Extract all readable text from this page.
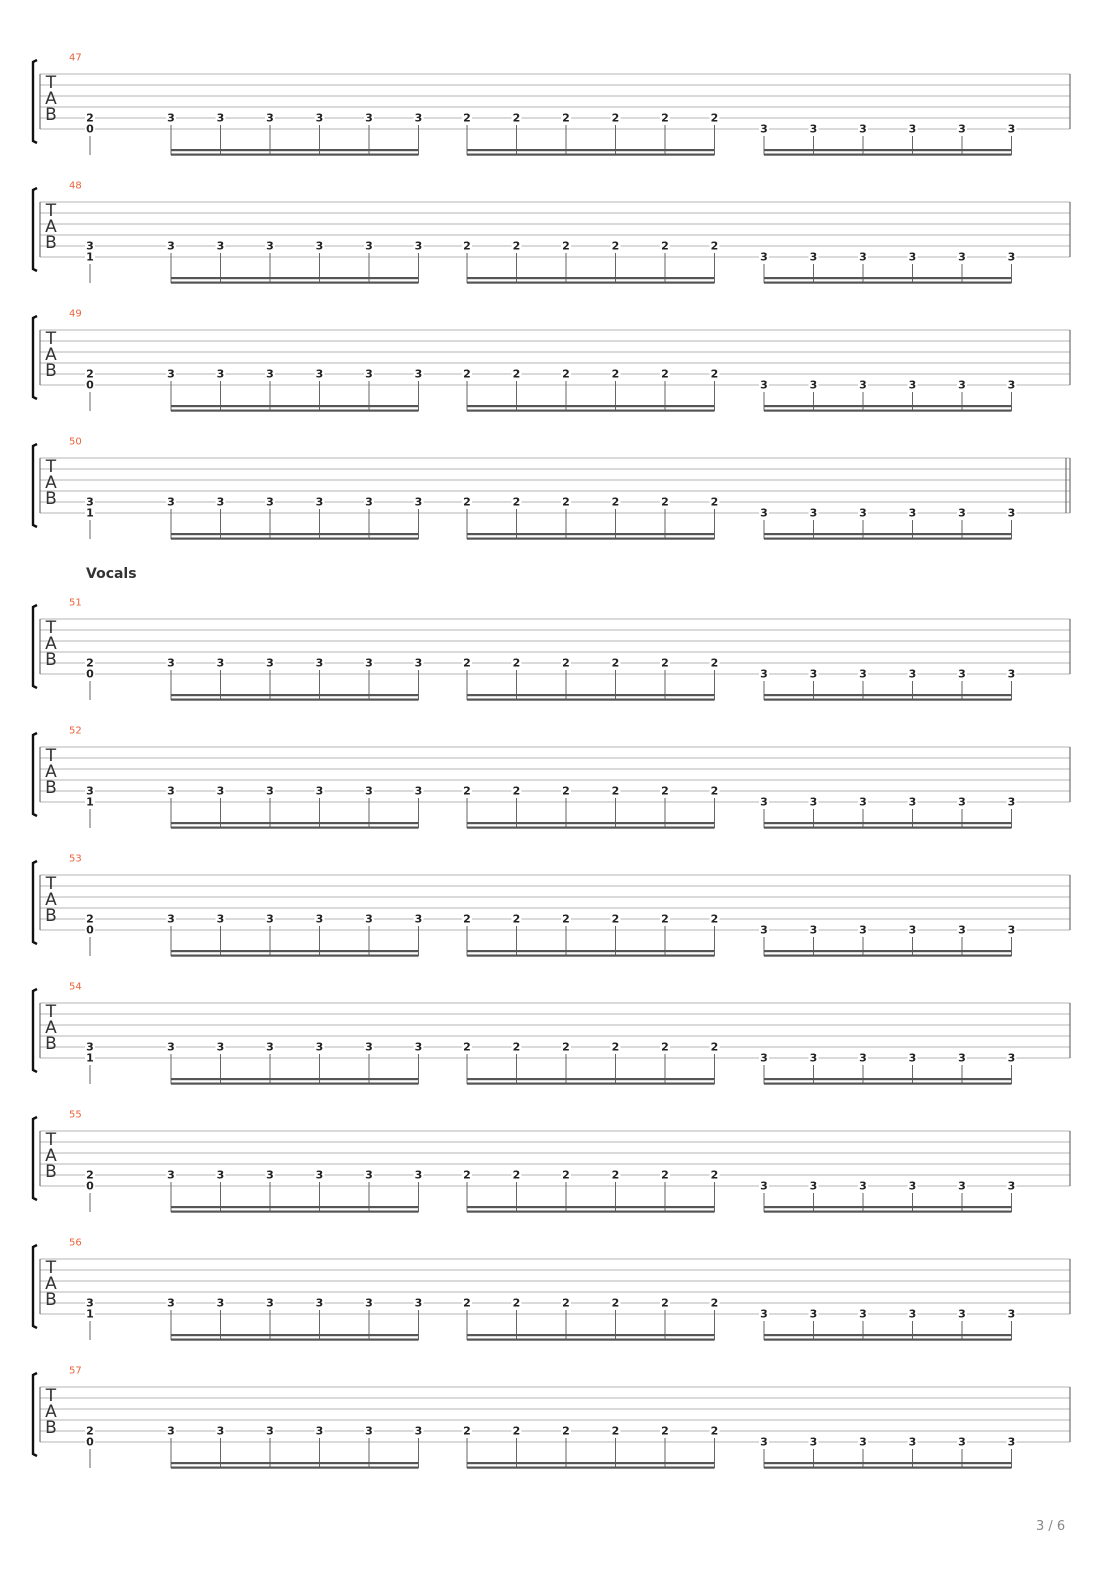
T
A
B
47
2
0
3	3	3	3	3	3	2	2	2	2	2	2
3	3	3	3	3	3
T
A
B
48
3
1
3	3	3	3	3	3	2	2	2	2	2	2
3	3	3	3	3	3
T
A
B
49
2
0
3	3	3	3	3	3	2	2	2	2	2	2
3	3	3	3	3	3
T
A
B
50
3
1
3	3	3	3	3	3	2	2	2	2	2	2
3	3	3	3	3	3
T
A
B
51
2
0
3	3	3	3	3	3	2	2	2	2	2	2
3	3	3	3	3	3
T
A
B
52
3
1
3	3	3	3	3	3	2	2	2	2	2	2
3	3	3	3	3	3
T
A
B
53
2
0
3	3	3	3	3	3	2	2	2	2	2	2
3	3	3	3	3	3
T
A
B
54
3
1
3	3	3	3	3	3	2	2	2	2	2	2
3	3	3	3	3	3
T
A
B
55
2
0
3	3	3	3	3	3	2	2	2	2	2	2
3	3	3	3	3	3
T
A
B
56
3
1
3	3	3	3	3	3	2	2	2	2	2	2
3	3	3	3	3	3
T
A
B
57
2
0
3	3	3	3	3	3	2	2	2	2	2	2
3	3	3	3	3	3
Vocals
3 / 6
